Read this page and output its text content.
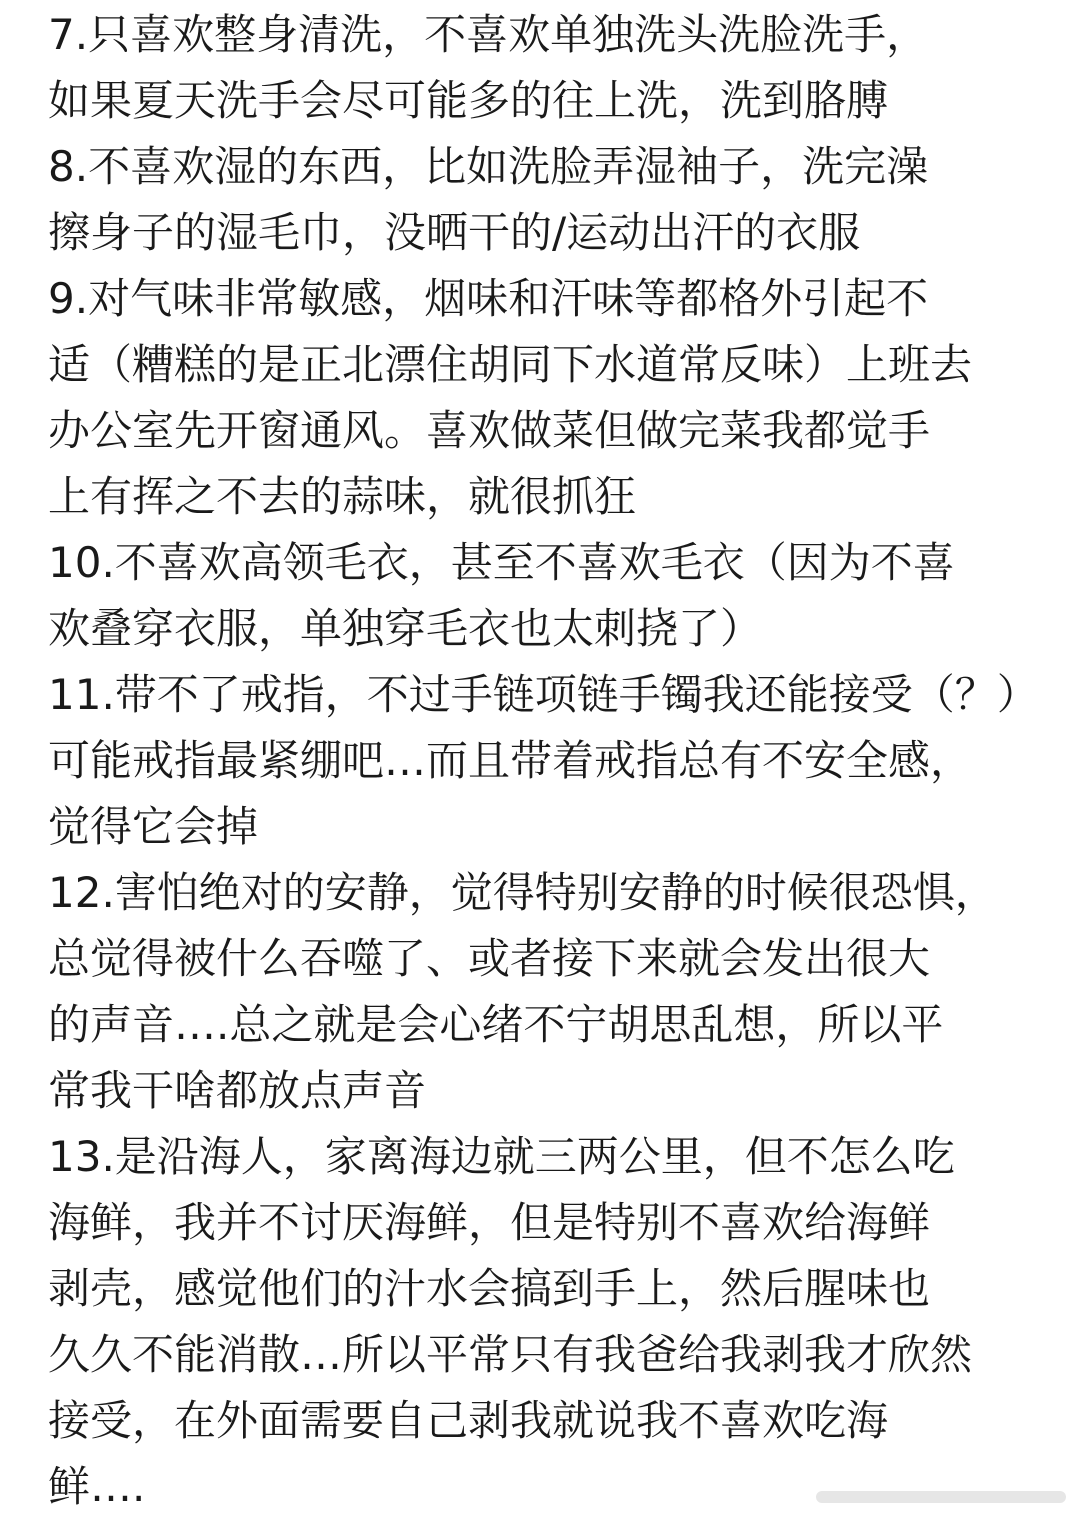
7.只喜欢整身清洗，不喜欢单独洗头洗脸洗手，
如果夏天洗手会尽可能多的往上洗，洗到胳膊
8.不喜欢湿的东西，比如洗脸弄湿袖子，洗完澡
擦身子的湿毛巾，没晒干的/运动出汗的衣服
9.对气味非常敏感，烟味和汗味等都格外引起不
适（糟糕的是正北漂住胡同下水道常反味）上班去
办公室先开窗通风。喜欢做菜但做完菜我都觉手
上有挥之不去的蒜味，就很抓狂
10.不喜欢高领毛衣，甚至不喜欢毛衣（因为不喜
欢叠穿衣服，单独穿毛衣也太刺挠了）
11.带不了戒指，不过手链项链手镯我还能接受（？）
可能戒指最紧绷吧…而且带着戒指总有不安全感，
觉得它会掉
12.害怕绝对的安静，觉得特别安静的时候很恐惧，
总觉得被什么吞噬了、或者接下来就会发出很大
的声音….总之就是会心绪不宁胡思乱想，所以平
常我干啥都放点声音
13.是沿海人，家离海边就三两公里，但不怎么吃
海鲜，我并不讨厌海鲜，但是特别不喜欢给海鲜
剥壳，感觉他们的汁水会搞到手上，然后腥味也
久久不能消散…所以平常只有我爸给我剥我才欣然
接受，在外面需要自己剥我就说我不喜欢吃海
鲜….
